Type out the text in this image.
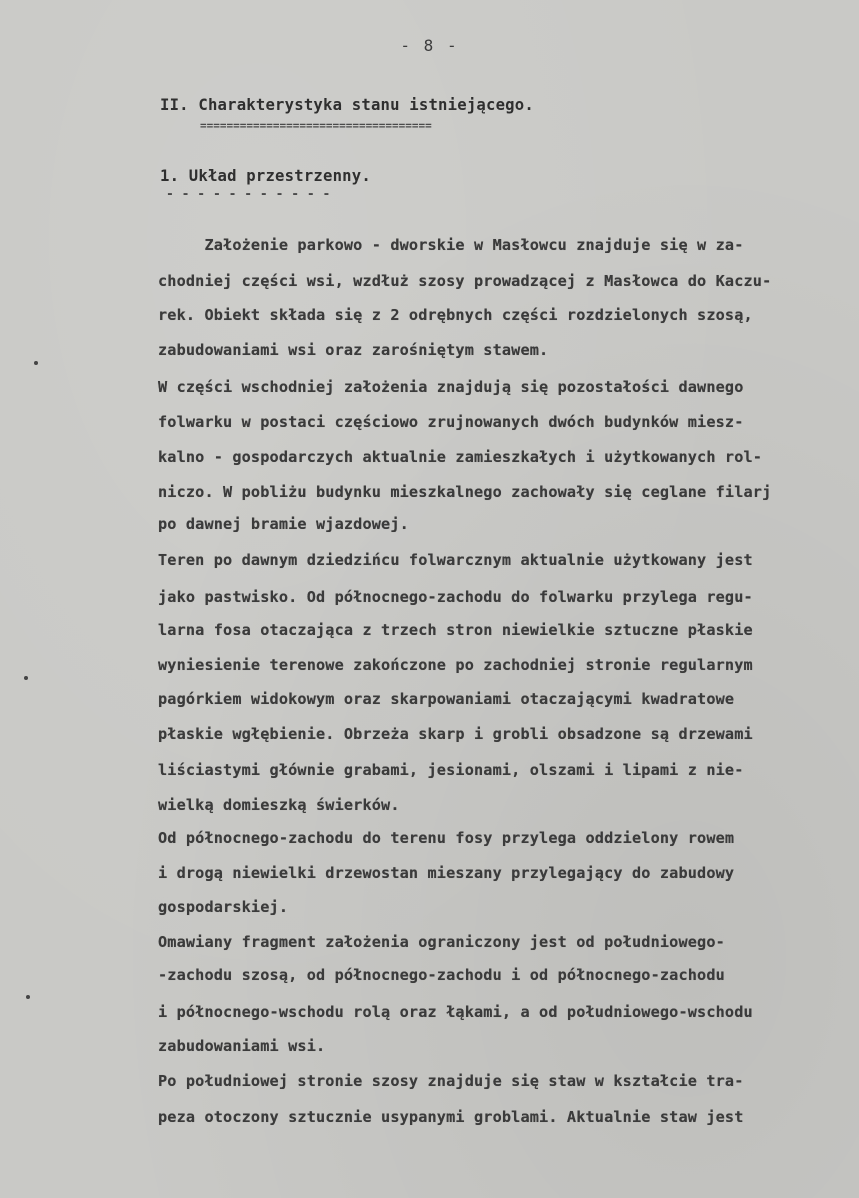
- 8 -
II. Charakterystyka stanu istniejącego.
===================================
1. Układ przestrzenny.
- - - - - - - - - - -
Założenie parkowo - dworskie w Masłowcu znajduje się w za-
chodniej części wsi, wzdłuż szosy prowadzącej z Masłowca do Kaczu-
rek. Obiekt składa się z 2 odrębnych części rozdzielonych szosą,
zabudowaniami wsi oraz zarośniętym stawem.
W części wschodniej założenia znajdują się pozostałości dawnego
folwarku w postaci częściowo zrujnowanych dwóch budynków miesz-
kalno - gospodarczych aktualnie zamieszkałych i użytkowanych rol-
niczo. W pobliżu budynku mieszkalnego zachowały się ceglane filarj
po dawnej bramie wjazdowej.
Teren po dawnym dziedzińcu folwarcznym aktualnie użytkowany jest
jako pastwisko. Od północnego-zachodu do folwarku przylega regu-
larna fosa otaczająca z trzech stron niewielkie sztuczne płaskie
wyniesienie terenowe zakończone po zachodniej stronie regularnym
pagórkiem widokowym oraz skarpowaniami otaczającymi kwadratowe
płaskie wgłębienie. Obrzeża skarp i grobli obsadzone są drzewami
liściastymi głównie grabami, jesionami, olszami i lipami z nie-
wielką domieszką świerków.
Od północnego-zachodu do terenu fosy przylega oddzielony rowem
i drogą niewielki drzewostan mieszany przylegający do zabudowy
gospodarskiej.
Omawiany fragment założenia ograniczony jest od południowego-
-zachodu szosą, od północnego-zachodu i od północnego-zachodu
i północnego-wschodu rolą oraz łąkami, a od południowego-wschodu
zabudowaniami wsi.
Po południowej stronie szosy znajduje się staw w kształcie tra-
peza otoczony sztucznie usypanymi groblami. Aktualnie staw jest
